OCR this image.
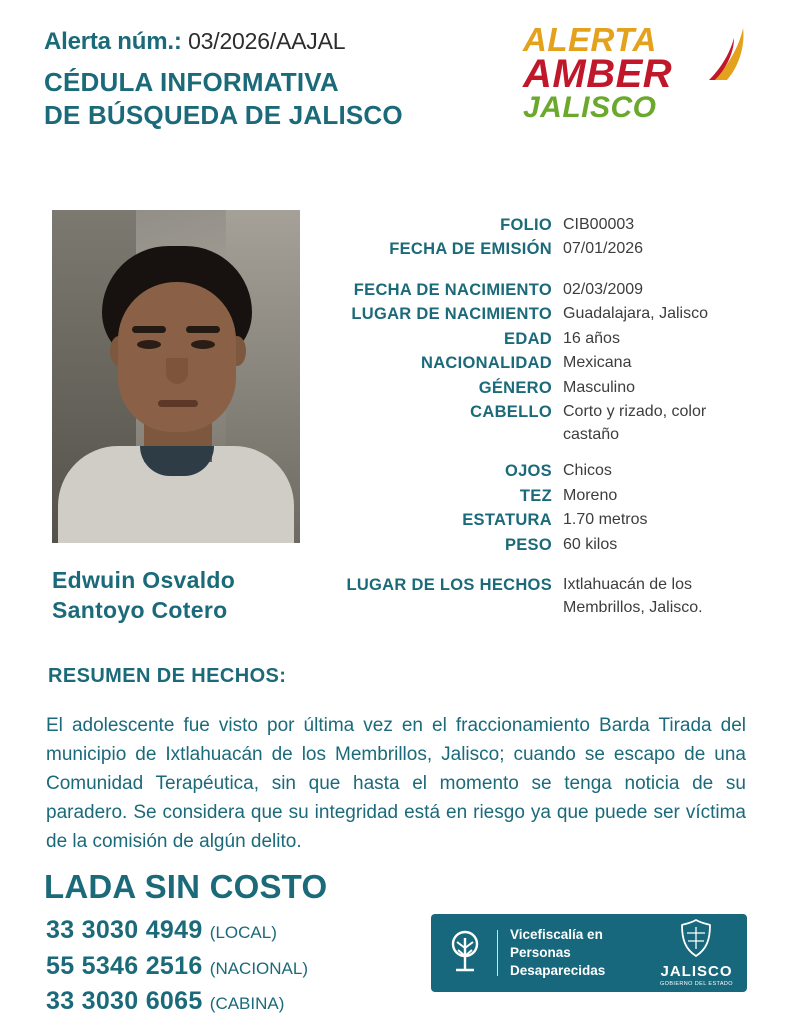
Alerta núm.: 03/2026/AAJAL
CÉDULA INFORMATIVA
DE BÚSQUEDA DE JALISCO
ALERTA
AMBER
JALISCO
Edwuin Osvaldo
Santoyo Cotero
FOLIO CIB00003
FECHA DE EMISIÓN 07/01/2026
FECHA DE NACIMIENTO 02/03/2009
LUGAR DE NACIMIENTO Guadalajara, Jalisco
EDAD 16 años
NACIONALIDAD Mexicana
GÉNERO Masculino
CABELLO Corto y rizado, color castaño
OJOS Chicos
TEZ Moreno
ESTATURA 1.70 metros
PESO 60 kilos
LUGAR DE LOS HECHOS Ixtlahuacán de los Membrillos, Jalisco.
RESUMEN DE HECHOS:
El adolescente fue visto por última vez en el fraccionamiento Barda Tirada del municipio de Ixtlahuacán de los Membrillos, Jalisco; cuando se escapo de una Comunidad Terapéutica, sin que hasta el momento se tenga noticia de su paradero. Se considera que su integridad está en riesgo ya que puede ser víctima de la comisión de algún delito.
LADA SIN COSTO
33 3030 4949 (LOCAL)
55 5346 2516 (NACIONAL)
33 3030 6065 (CABINA)
Vicefiscalía en
Personas Desaparecidas	JALISCO
GOBIERNO DEL ESTADO
